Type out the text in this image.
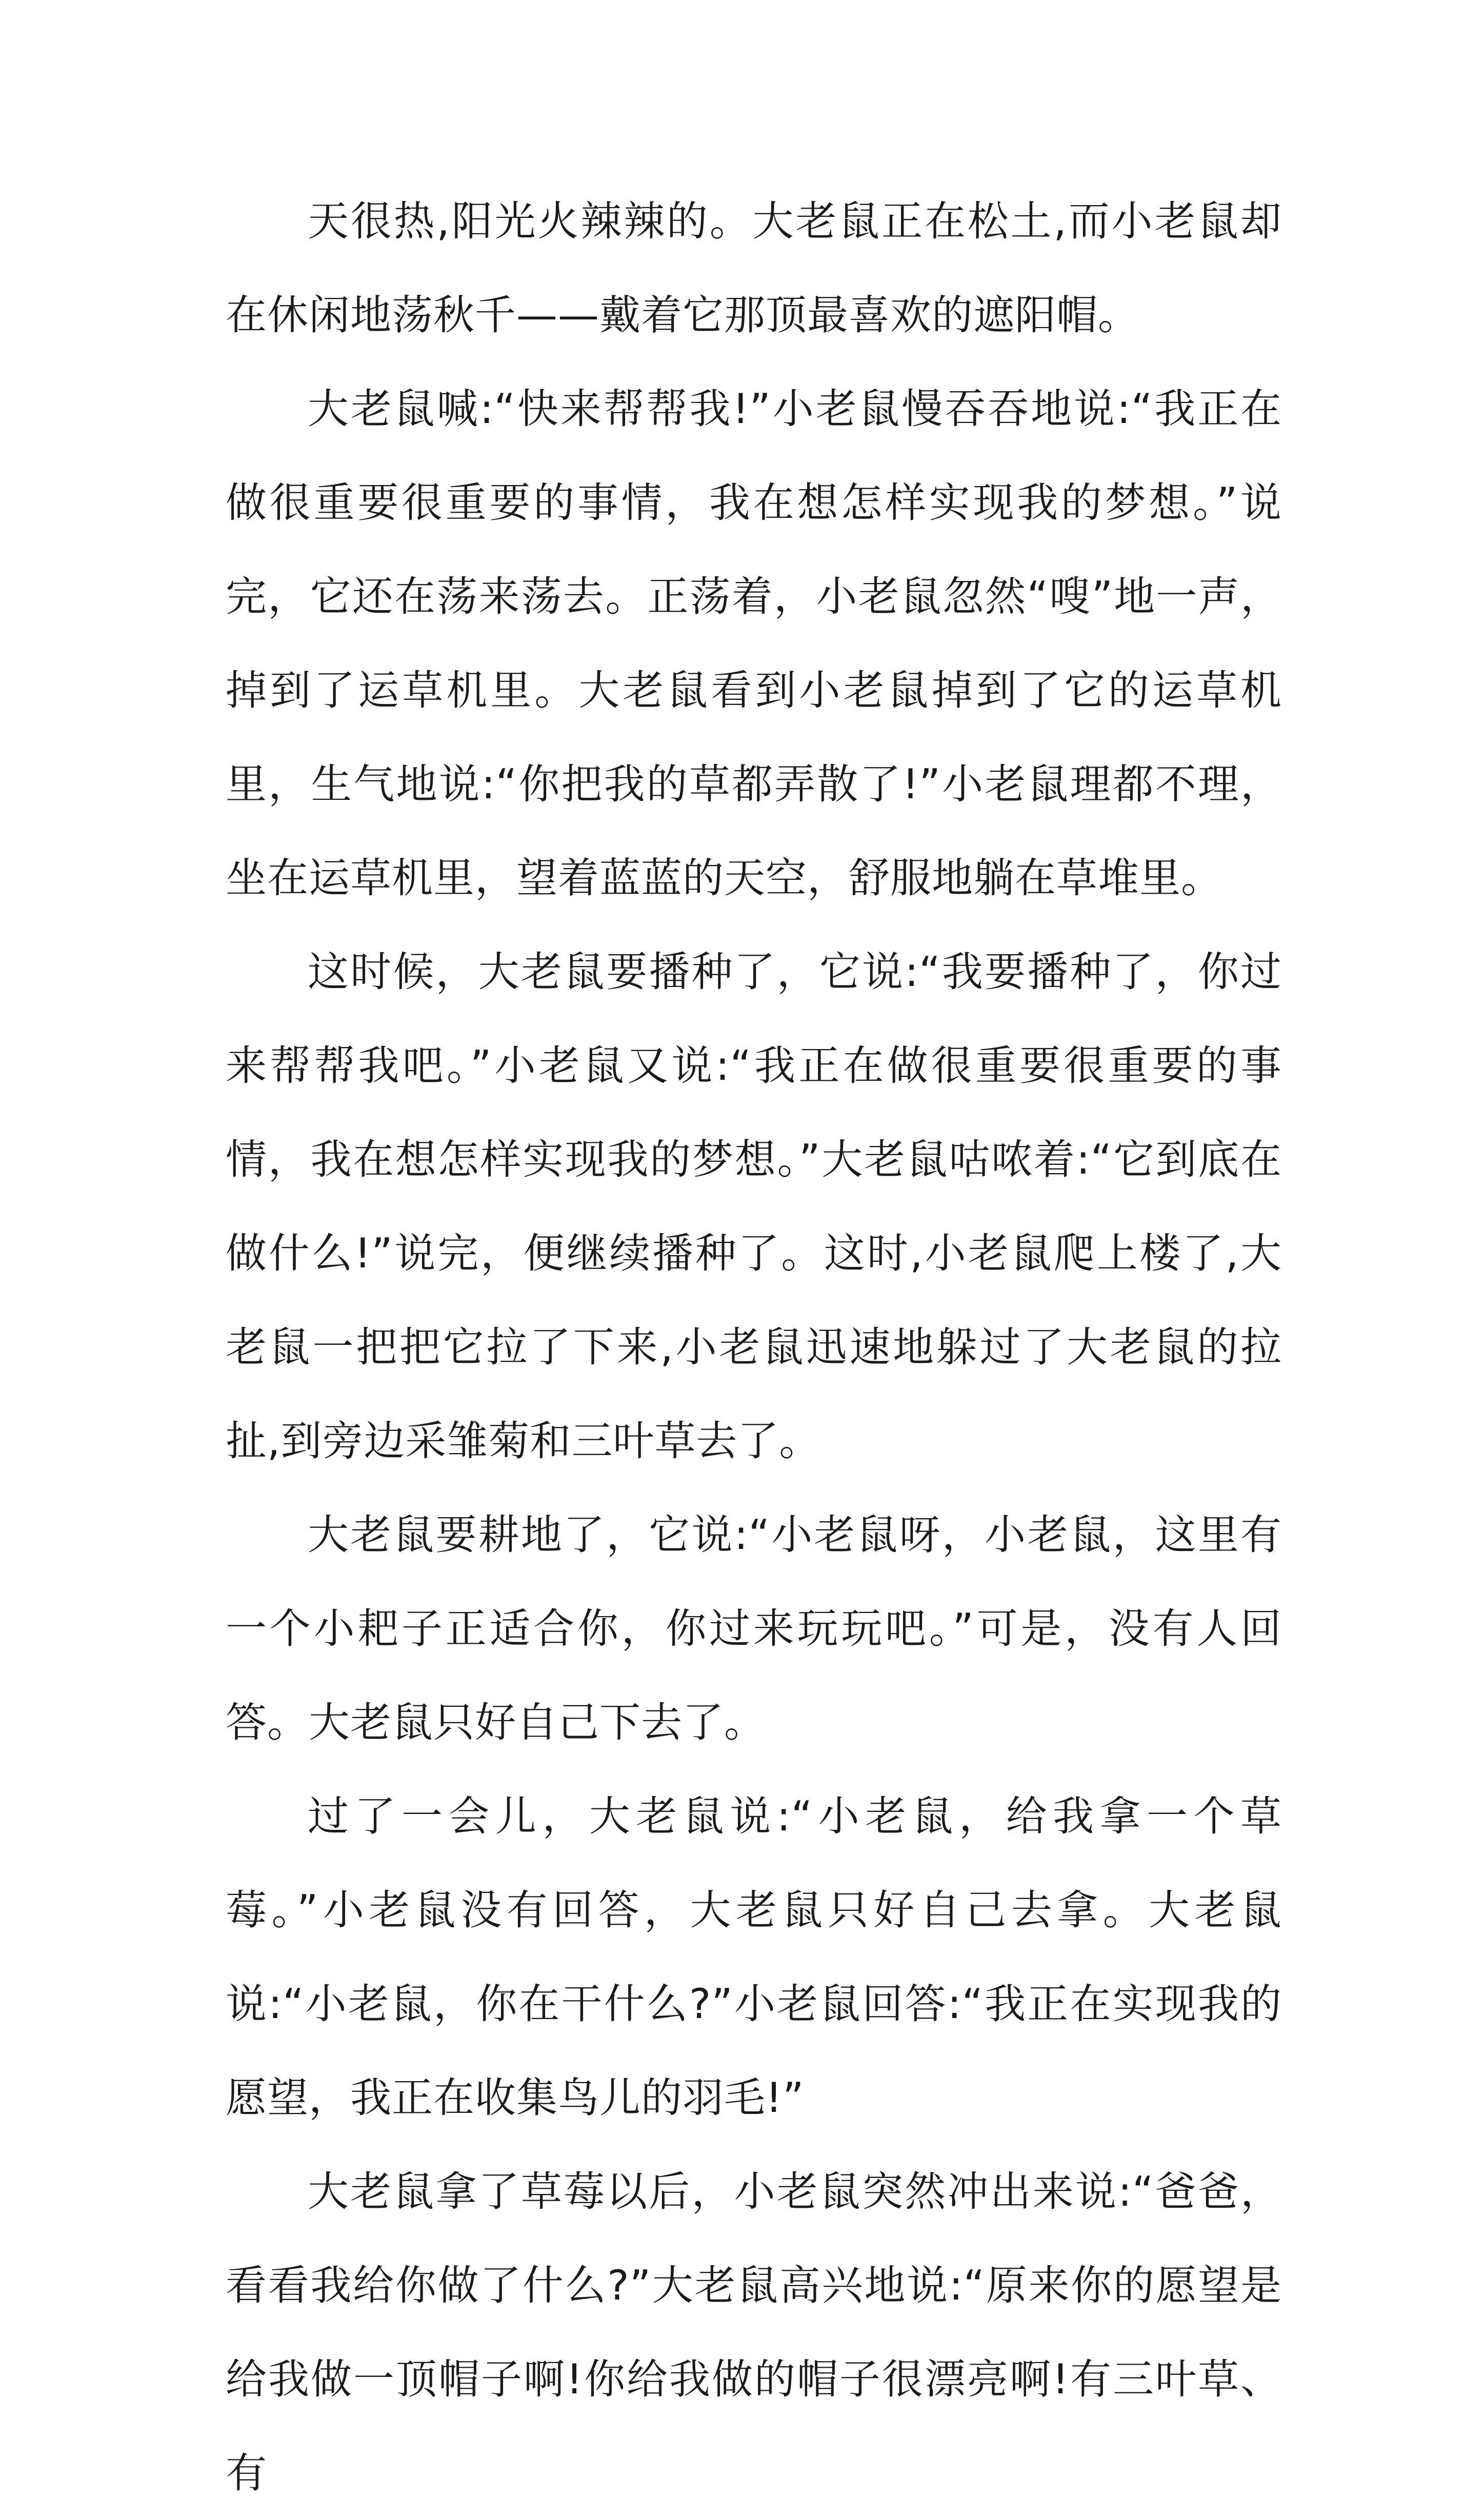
天很热,阳光火辣辣的。大老鼠正在松土,而小老鼠却在休闲地荡秋千——戴着它那顶最喜欢的遮阳帽。

大老鼠喊:“快来帮帮我!”小老鼠慢吞吞地说:“我正在做很重要很重要的事情，我在想怎样实现我的梦想。”说完，它还在荡来荡去。正荡着，小老鼠忽然“嗖”地一声，掉到了运草机里。大老鼠看到小老鼠掉到了它的运草机里，生气地说:“你把我的草都弄散了!”小老鼠理都不理，坐在运草机里，望着蓝蓝的天空，舒服地躺在草堆里。

这时候，大老鼠要播种了，它说:“我要播种了，你过来帮帮我吧。”小老鼠又说:“我正在做很重要很重要的事情，我在想怎样实现我的梦想。”大老鼠咕哝着:“它到底在做什么!”说完，便继续播种了。这时,小老鼠爬上楼了,大老鼠一把把它拉了下来,小老鼠迅速地躲过了大老鼠的拉扯,到旁边采雏菊和三叶草去了。

大老鼠要耕地了，它说:“小老鼠呀，小老鼠，这里有一个小耙子正适合你，你过来玩玩吧。”可是，没有人回答。大老鼠只好自己下去了。

过了一会儿，大老鼠说:“小老鼠，给我拿一个草莓。”小老鼠没有回答，大老鼠只好自己去拿。大老鼠说:“小老鼠，你在干什么?”小老鼠回答:“我正在实现我的愿望，我正在收集鸟儿的羽毛!”

大老鼠拿了草莓以后，小老鼠突然冲出来说:“爸爸，看看我给你做了什么?”大老鼠高兴地说:“原来你的愿望是给我做一顶帽子啊!你给我做的帽子很漂亮啊!有三叶草、有
